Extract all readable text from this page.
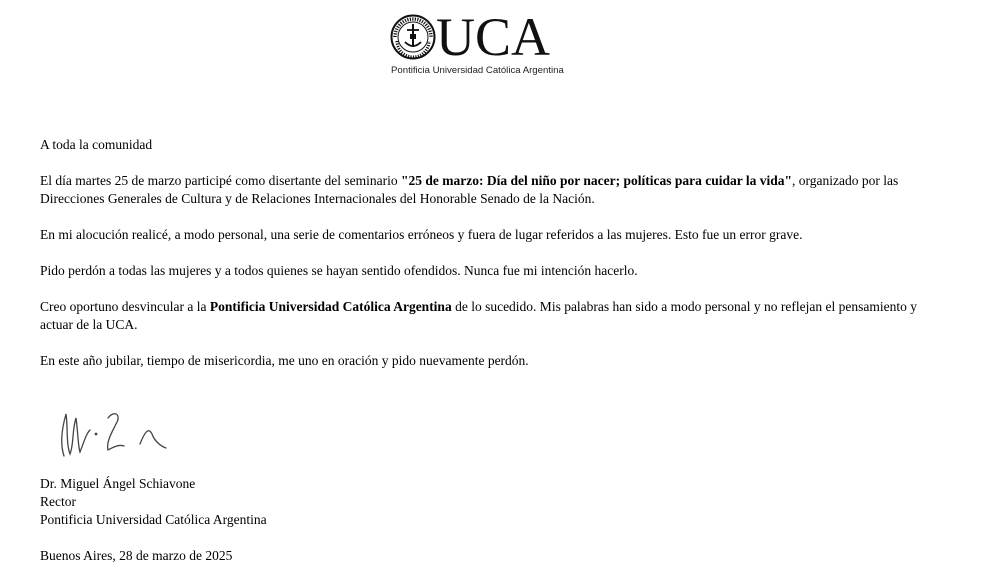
UCA
Pontificia Universidad Católica Argentina

A toda la comunidad

El día martes 25 de marzo participé como disertante del seminario "25 de marzo: Día del niño por nacer; políticas para cuidar la vida", organizado por las Direcciones Generales de Cultura y de Relaciones Internacionales del Honorable Senado de la Nación.

En mi alocución realicé, a modo personal, una serie de comentarios erróneos y fuera de lugar referidos a las mujeres. Esto fue un error grave.

Pido perdón a todas las mujeres y a todos quienes se hayan sentido ofendidos. Nunca fue mi intención hacerlo.

Creo oportuno desvincular a la Pontificia Universidad Católica Argentina de lo sucedido. Mis palabras han sido a modo personal y no reflejan el pensamiento y actuar de la UCA.

En este año jubilar, tiempo de misericordia, me uno en oración y pido nuevamente perdón.

Dr. Miguel Ángel Schiavone
Rector
Pontificia Universidad Católica Argentina
Buenos Aires, 28 de marzo de 2025
